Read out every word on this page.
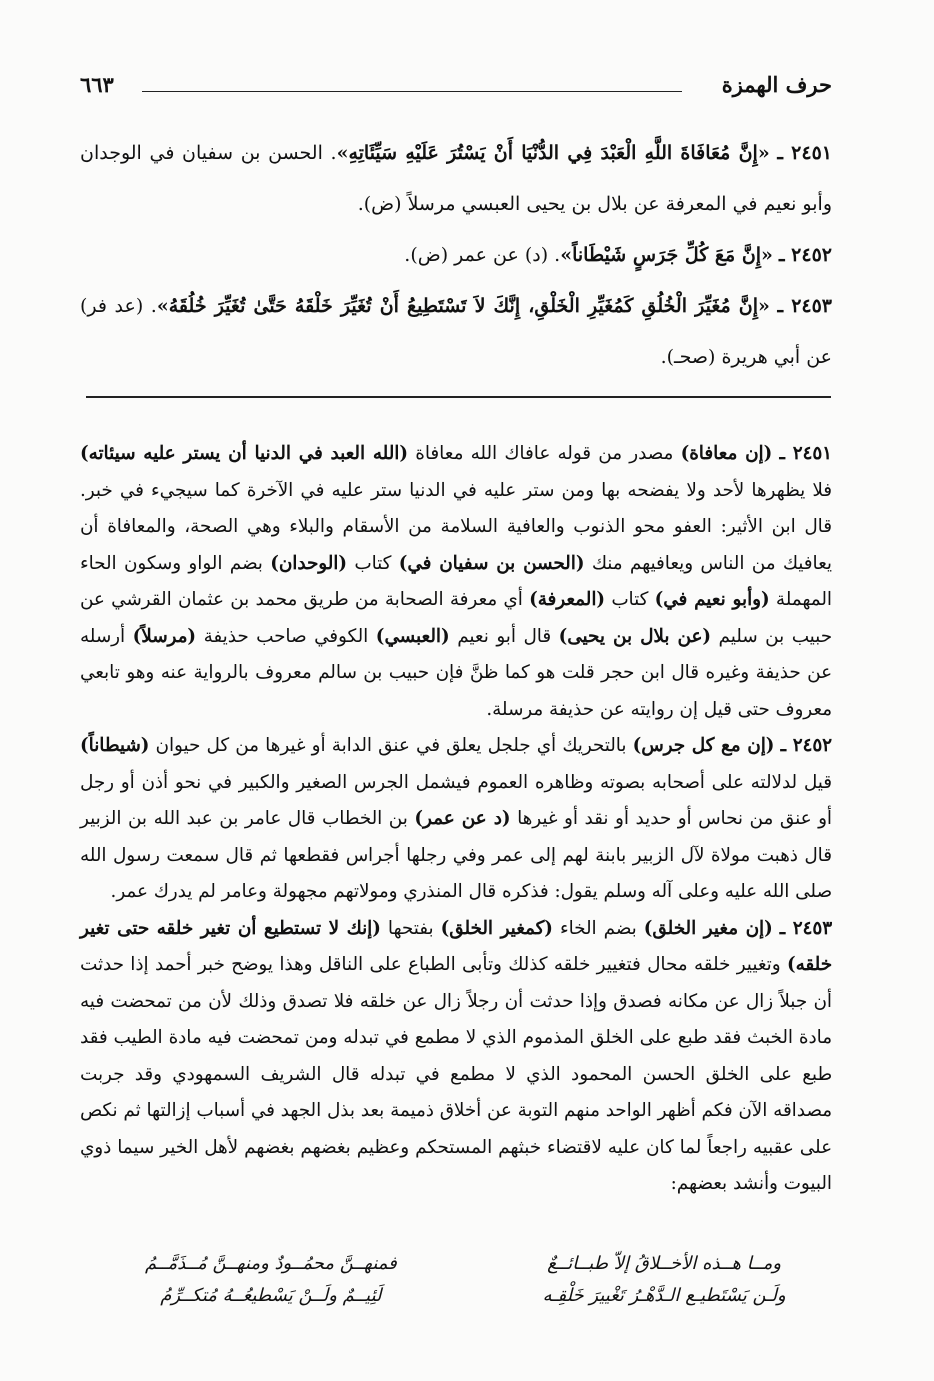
حرف الهمزة
٦٦٣

٢٤٥١ ـ «إِنَّ مُعَافَاةَ اللَّهِ الْعَبْدَ فِي الدُّنْيَا أَنْ يَسْتُرَ عَلَيْهِ سَيِّئَاتِهِ». الحسن بن سفيان في الوجدان وأبو نعيم في المعرفة عن بلال بن يحيى العبسي مرسلاً (ض).

٢٤٥٢ ـ «إِنَّ مَعَ كُلِّ جَرَسٍ شَيْطَاناً». (د) عن عمر (ض).

٢٤٥٣ ـ «إِنَّ مُغَيِّرَ الْخُلُقِ كَمُغَيِّرِ الْخَلْقِ، إِنَّكَ لاَ تَسْتَطِيعُ أَنْ تُغَيِّرَ خَلْقَهُ حَتَّىٰ تُغَيِّرَ خُلُقَهُ». (عد فر) عن أبي هريرة (صحـ).

٢٤٥١ ـ (إن معافاة) مصدر من قوله عافاك الله معافاة (الله العبد في الدنيا أن يستر عليه سيئاته) فلا يظهرها لأحد ولا يفضحه بها ومن ستر عليه في الدنيا ستر عليه في الآخرة كما سيجيء في خبر. قال ابن الأثير: العفو محو الذنوب والعافية السلامة من الأسقام والبلاء وهي الصحة، والمعافاة أن يعافيك من الناس ويعافيهم منك (الحسن بن سفيان في) كتاب (الوحدان) بضم الواو وسكون الحاء المهملة (وأبو نعيم في) كتاب (المعرفة) أي معرفة الصحابة من طريق محمد بن عثمان القرشي عن حبيب بن سليم (عن بلال بن يحيى) قال أبو نعيم (العبسي) الكوفي صاحب حذيفة (مرسلاً) أرسله عن حذيفة وغيره قال ابن حجر قلت هو كما ظنَّ فإن حبيب بن سالم معروف بالرواية عنه وهو تابعي معروف حتى قيل إن روايته عن حذيفة مرسلة.

٢٤٥٢ ـ (إن مع كل جرس) بالتحريك أي جلجل يعلق في عنق الدابة أو غيرها من كل حيوان (شيطاناً) قيل لدلالته على أصحابه بصوته وظاهره العموم فيشمل الجرس الصغير والكبير في نحو أذن أو رجل أو عنق من نحاس أو حديد أو نقد أو غيرها (د عن عمر) بن الخطاب قال عامر بن عبد الله بن الزبير قال ذهبت مولاة لآل الزبير بابنة لهم إلى عمر وفي رجلها أجراس فقطعها ثم قال سمعت رسول الله صلى الله عليه وعلى آله وسلم يقول: فذكره قال المنذري ومولاتهم مجهولة وعامر لم يدرك عمر.

٢٤٥٣ ـ (إن مغير الخلق) بضم الخاء (كمغير الخلق) بفتحها (إنك لا تستطيع أن تغير خلقه حتى تغير خلقه) وتغيير خلقه محال فتغيير خلقه كذلك وتأبى الطباع على الناقل وهذا يوضح خبر أحمد إذا حدثت أن جبلاً زال عن مكانه فصدق وإذا حدثت أن رجلاً زال عن خلقه فلا تصدق وذلك لأن من تمحضت فيه مادة الخبث فقد طبع على الخلق المذموم الذي لا مطمع في تبدله ومن تمحضت فيه مادة الطيب فقد طبع على الخلق الحسن المحمود الذي لا مطمع في تبدله قال الشريف السمهودي وقد جربت مصداقه الآن فكم أظهر الواحد منهم التوبة عن أخلاق ذميمة بعد بذل الجهد في أسباب إزالتها ثم نكص على عقبيه راجعاً لما كان عليه لاقتضاء خبثهم المستحكم وعظيم بغضهم بغضهم لأهل الخير سيما ذوي البيوت وأنشد بعضهم:

ومــا هــذه الأخــلاقُ إلاّ طبــائــعٌ
فمنهــنَّ محمُــودٌ ومنهــنَّ مُــذَمَّــمُ
ولَـن يَسْتَطيـع الـدَّهْـرُ تَغْييرَ خَلْقِـه
لَئِيــمٌ ولَــنْ يَسْطيعُــهُ مُتكــرِّمُ
